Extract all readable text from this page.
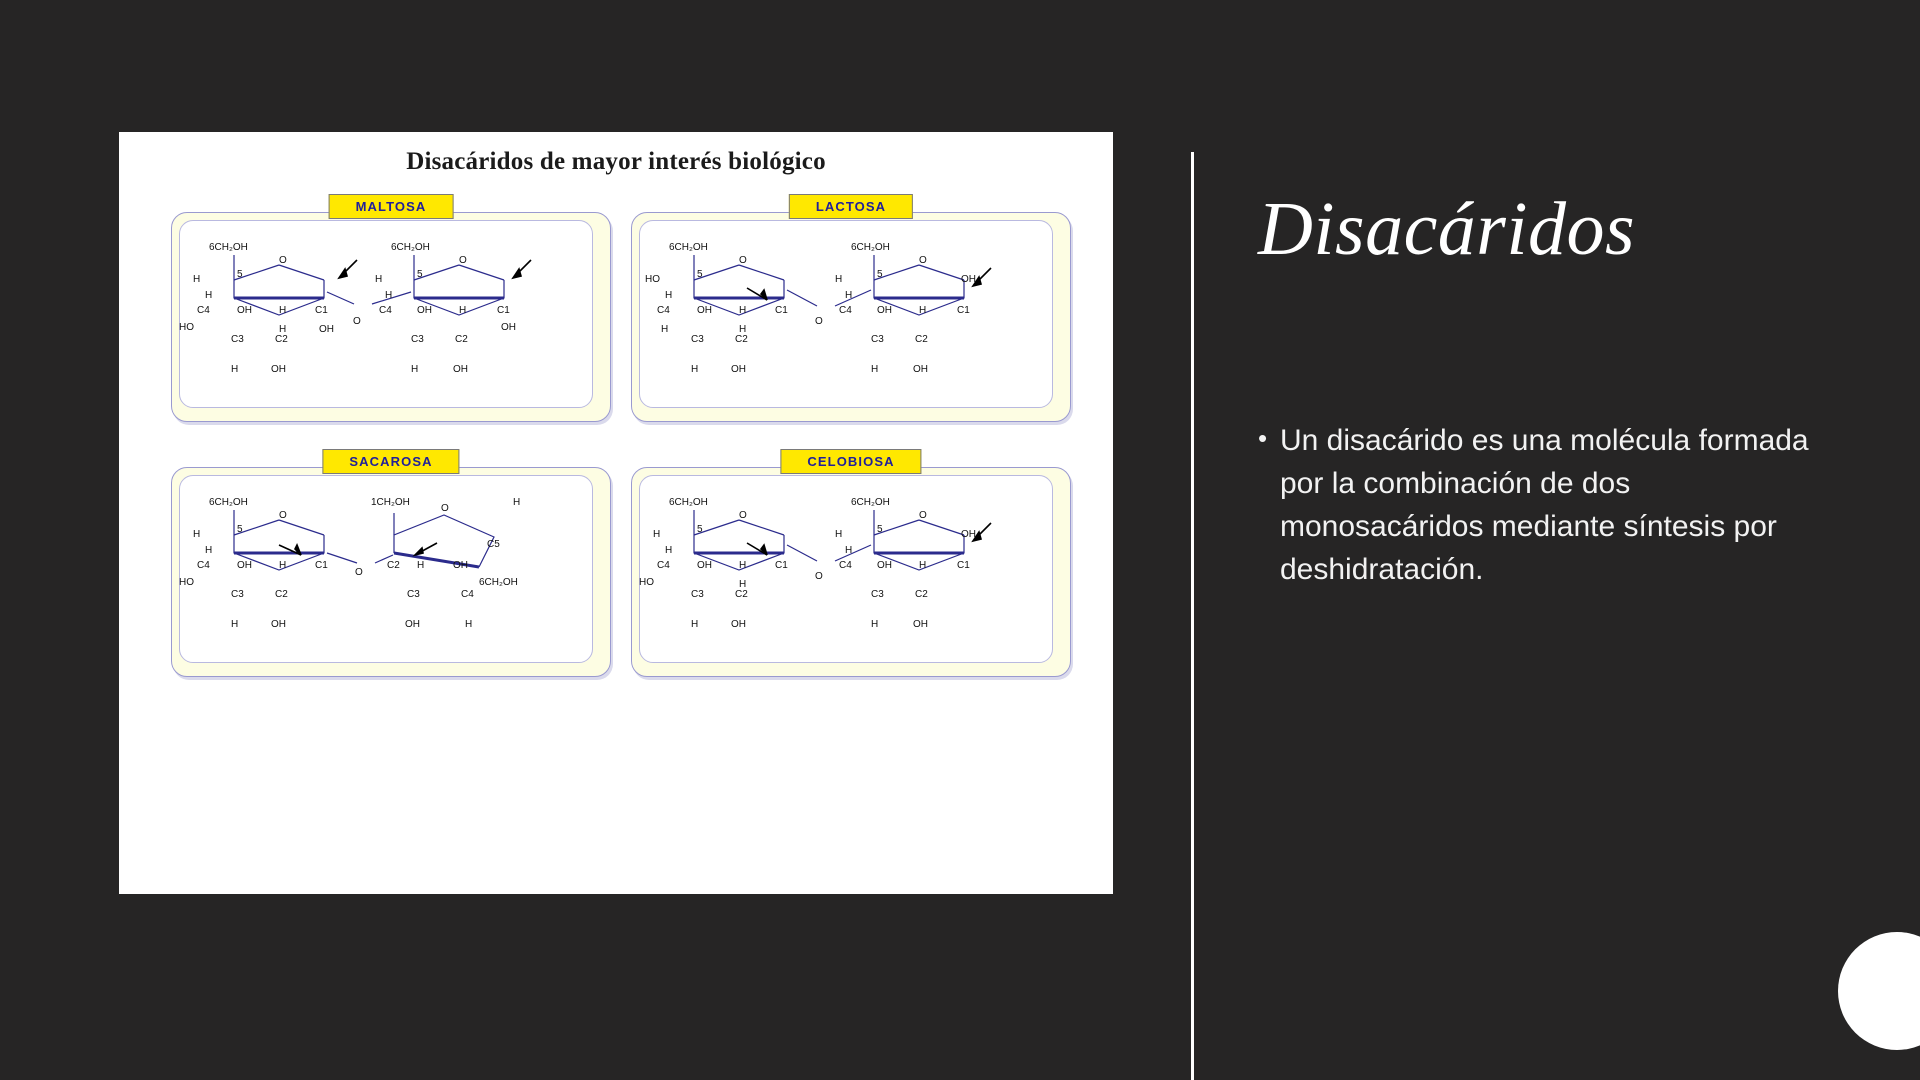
Disacáridos de mayor interés biológico
MALTOSA
6CH₂OH
H	5
O
H
C4	OH	H	C1
HO	H
C3	C2
OH
H	OH
O
6CH₂OH
H	5
O
H
C4	OH	H	C1
OH
C3	C2
H	OH
LACTOSA
6CH₂OH
HO	5
O
H
C4	OH	H	C1
H	H
C3	C2
H	OH
O
6CH₂OH
H	5
O
H
C4	OH	H	C1
OH
C3	C2
H	OH
SACAROSA
6CH₂OH
H	5
O
H
C4	OH	H	C1
HO
C3	C2
H	OH
O
1CH₂OH
O
H
C2
C5
H	OH
6CH₂OH
C3	C4
OH	H
CELOBIOSA
6CH₂OH
H	5
O
H
C4	OH	H	C1
HO	H
C3	C2
H	OH
O
6CH₂OH
H	5
O
H
C4	OH	H	C1
OH
C3	C2
H	OH
Disacáridos
• Un disacárido es una molécula formada por la combinación de dos monosacáridos mediante síntesis por deshidratación.
